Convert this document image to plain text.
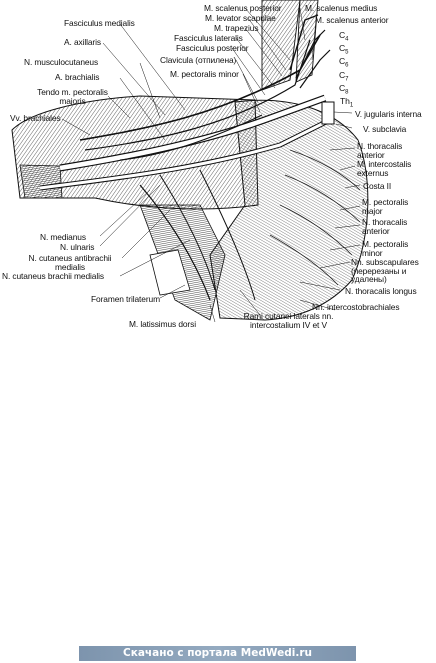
Fasciculus medialis
A. axillaris
N. musculocutaneus
A. brachialis
Tendo m. pectoralis
majoris
Vv. brachiales
M. scalenus posterior
M. levator scapulae
M. trapezius
Fasciculus lateralis
Fasciculus posterior
Clavicula (отпилена)
M. pectoralis minor
M. scalenus medius
M. scalenus anterior
$C_4$
$C_5$
$C_6$
$C_7$
$C_8$
$Th_1$
V. jugularis interna
V. subclavia
N. thoracalis
anterior
M. intercostalis
externus
Costa II
M. pectoralis
major
N. thoracalis
anterior
M. pectoralis
minor
Nn. subscapulares
(перерезаны и
удалены)
N. thoracalis longus
Nn. intercostobrachiales
N. medianus
N. ulnaris
N. cutaneus antibrachii
medialis
N. cutaneus brachii medialis
Foramen trilaterum
Rami cutanei laterals nn.
intercostalium IV et V
M. latissimus dorsi
Скачано с портала MedWedi.ru
